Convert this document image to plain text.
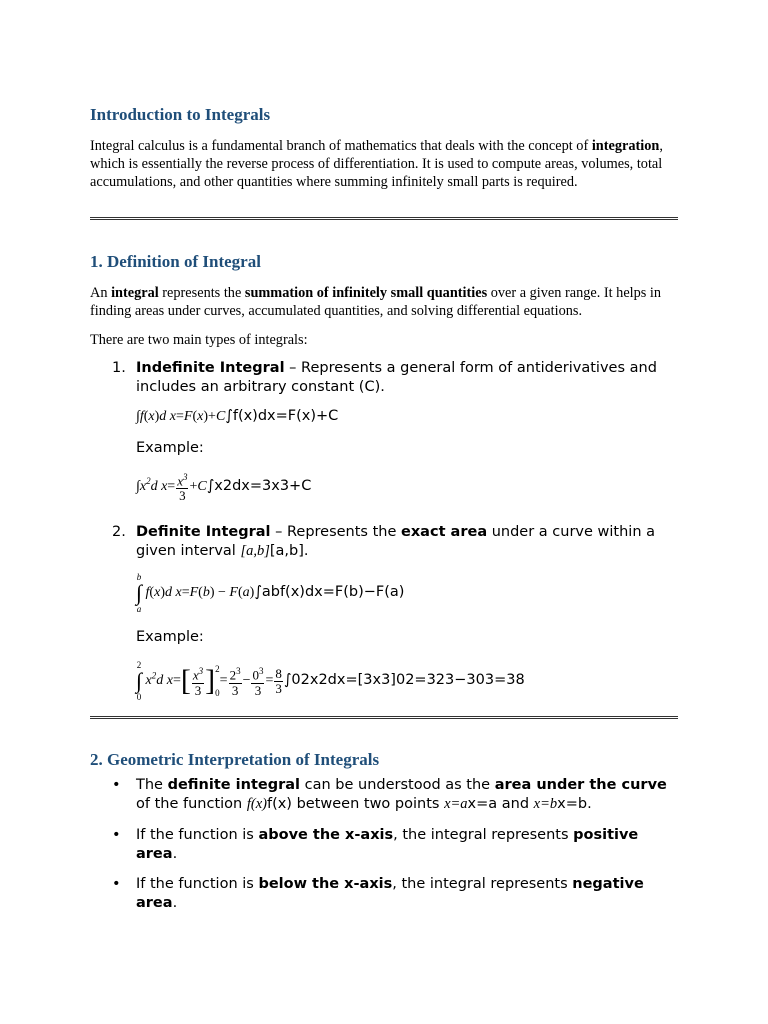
Introduction to Integrals

Integral calculus is a fundamental branch of mathematics that deals with the concept of integration, which is essentially the reverse process of differentiation. It is used to compute areas, volumes, total accumulations, and other quantities where summing infinitely small parts is required.

1. Definition of Integral

An integral represents the summation of infinitely small quantities over a given range. It helps in finding areas under curves, accumulated quantities, and solving differential equations.

There are two main types of integrals:

1. Indefinite Integral – Represents a general form of antiderivatives and includes an arbitrary constant (C).
∫f(x)d x=F(x)+C∫f(x)dx=F(x)+C
Example:
$\int x^2d$ $x= \frac{x^3}{3} +C\int x2dx=3x3+C$
2. Definite Integral – Represents the exact area under a curve within a given interval [a,b][a,b].
b
∫
a f(x)d x=F(b) − F(a)∫abf(x)dx=F(b)−F(a)
Example:
2
∫
0 $x^2d$ $x=[ \frac{x^3}{3} ]2$
$0= \frac{2^3}{3} - \frac{0^3}{3} = \frac{8}{3} \int 02x2dx=[3x3]02=323-303=38$
2. Geometric Interpretation of Integrals
• The definite integral can be understood as the area under the curve of the function f(x)f(x) between two points x=ax=a and x=bx=b.
• If the function is above the x-axis, the integral represents positive area.
• If the function is below the x-axis, the integral represents negative area.
